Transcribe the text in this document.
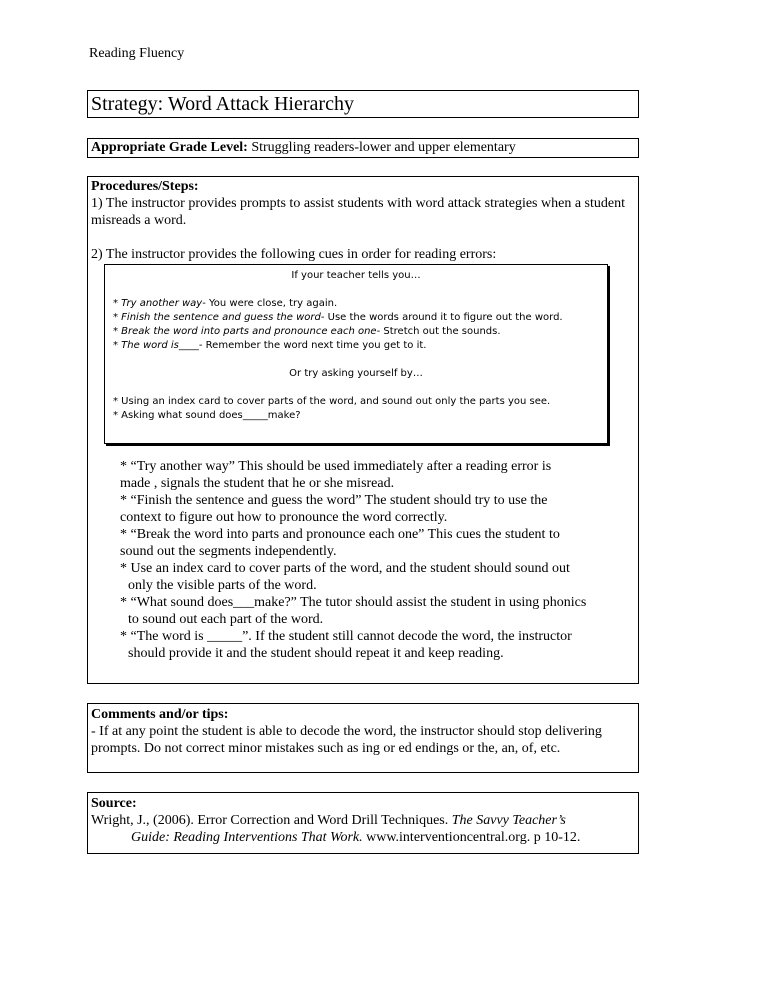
Reading Fluency
Strategy: Word Attack Hierarchy
Appropriate Grade Level: Struggling readers-lower and upper elementary

Procedures/Steps:

1) The instructor provides prompts to assist students with word attack strategies when a student misreads a word.

2) The instructor provides the following cues in order for reading errors:

If your teacher tells you…

* Try another way- You were close, try again.

* Finish the sentence and guess the word- Use the words around it to figure out the word.

* Break the word into parts and pronounce each one- Stretch out the sounds.

* The word is____- Remember the word next time you get to it.

Or try asking yourself by…

* Using an index card to cover parts of the word, and sound out only the parts you see.

* Asking what sound does_____make?

* “Try another way” This should be used immediately after a reading error is

made , signals the student that he or she misread.

* “Finish the sentence and guess the word” The student should try to use the

context to figure out how to pronounce the word correctly.

* “Break the word into parts and pronounce each one” This cues the student to

sound out the segments independently.

* Use an index card to cover parts of the word, and the student should sound out

only the visible parts of the word.

* “What sound does___make?” The tutor should assist the student in using phonics

to sound out each part of the word.

* “The word is _____”. If the student still cannot decode the word, the instructor

should provide it and the student should repeat it and keep reading.

Comments and/or tips:

- If at any point the student is able to decode the word, the instructor should stop delivering prompts. Do not correct minor mistakes such as ing or ed endings or the, an, of, etc.

Source:

Wright, J., (2006). Error Correction and Word Drill Techniques. The Savvy Teacher’s

Guide: Reading Interventions That Work. www.interventioncentral.org. p 10-12.
